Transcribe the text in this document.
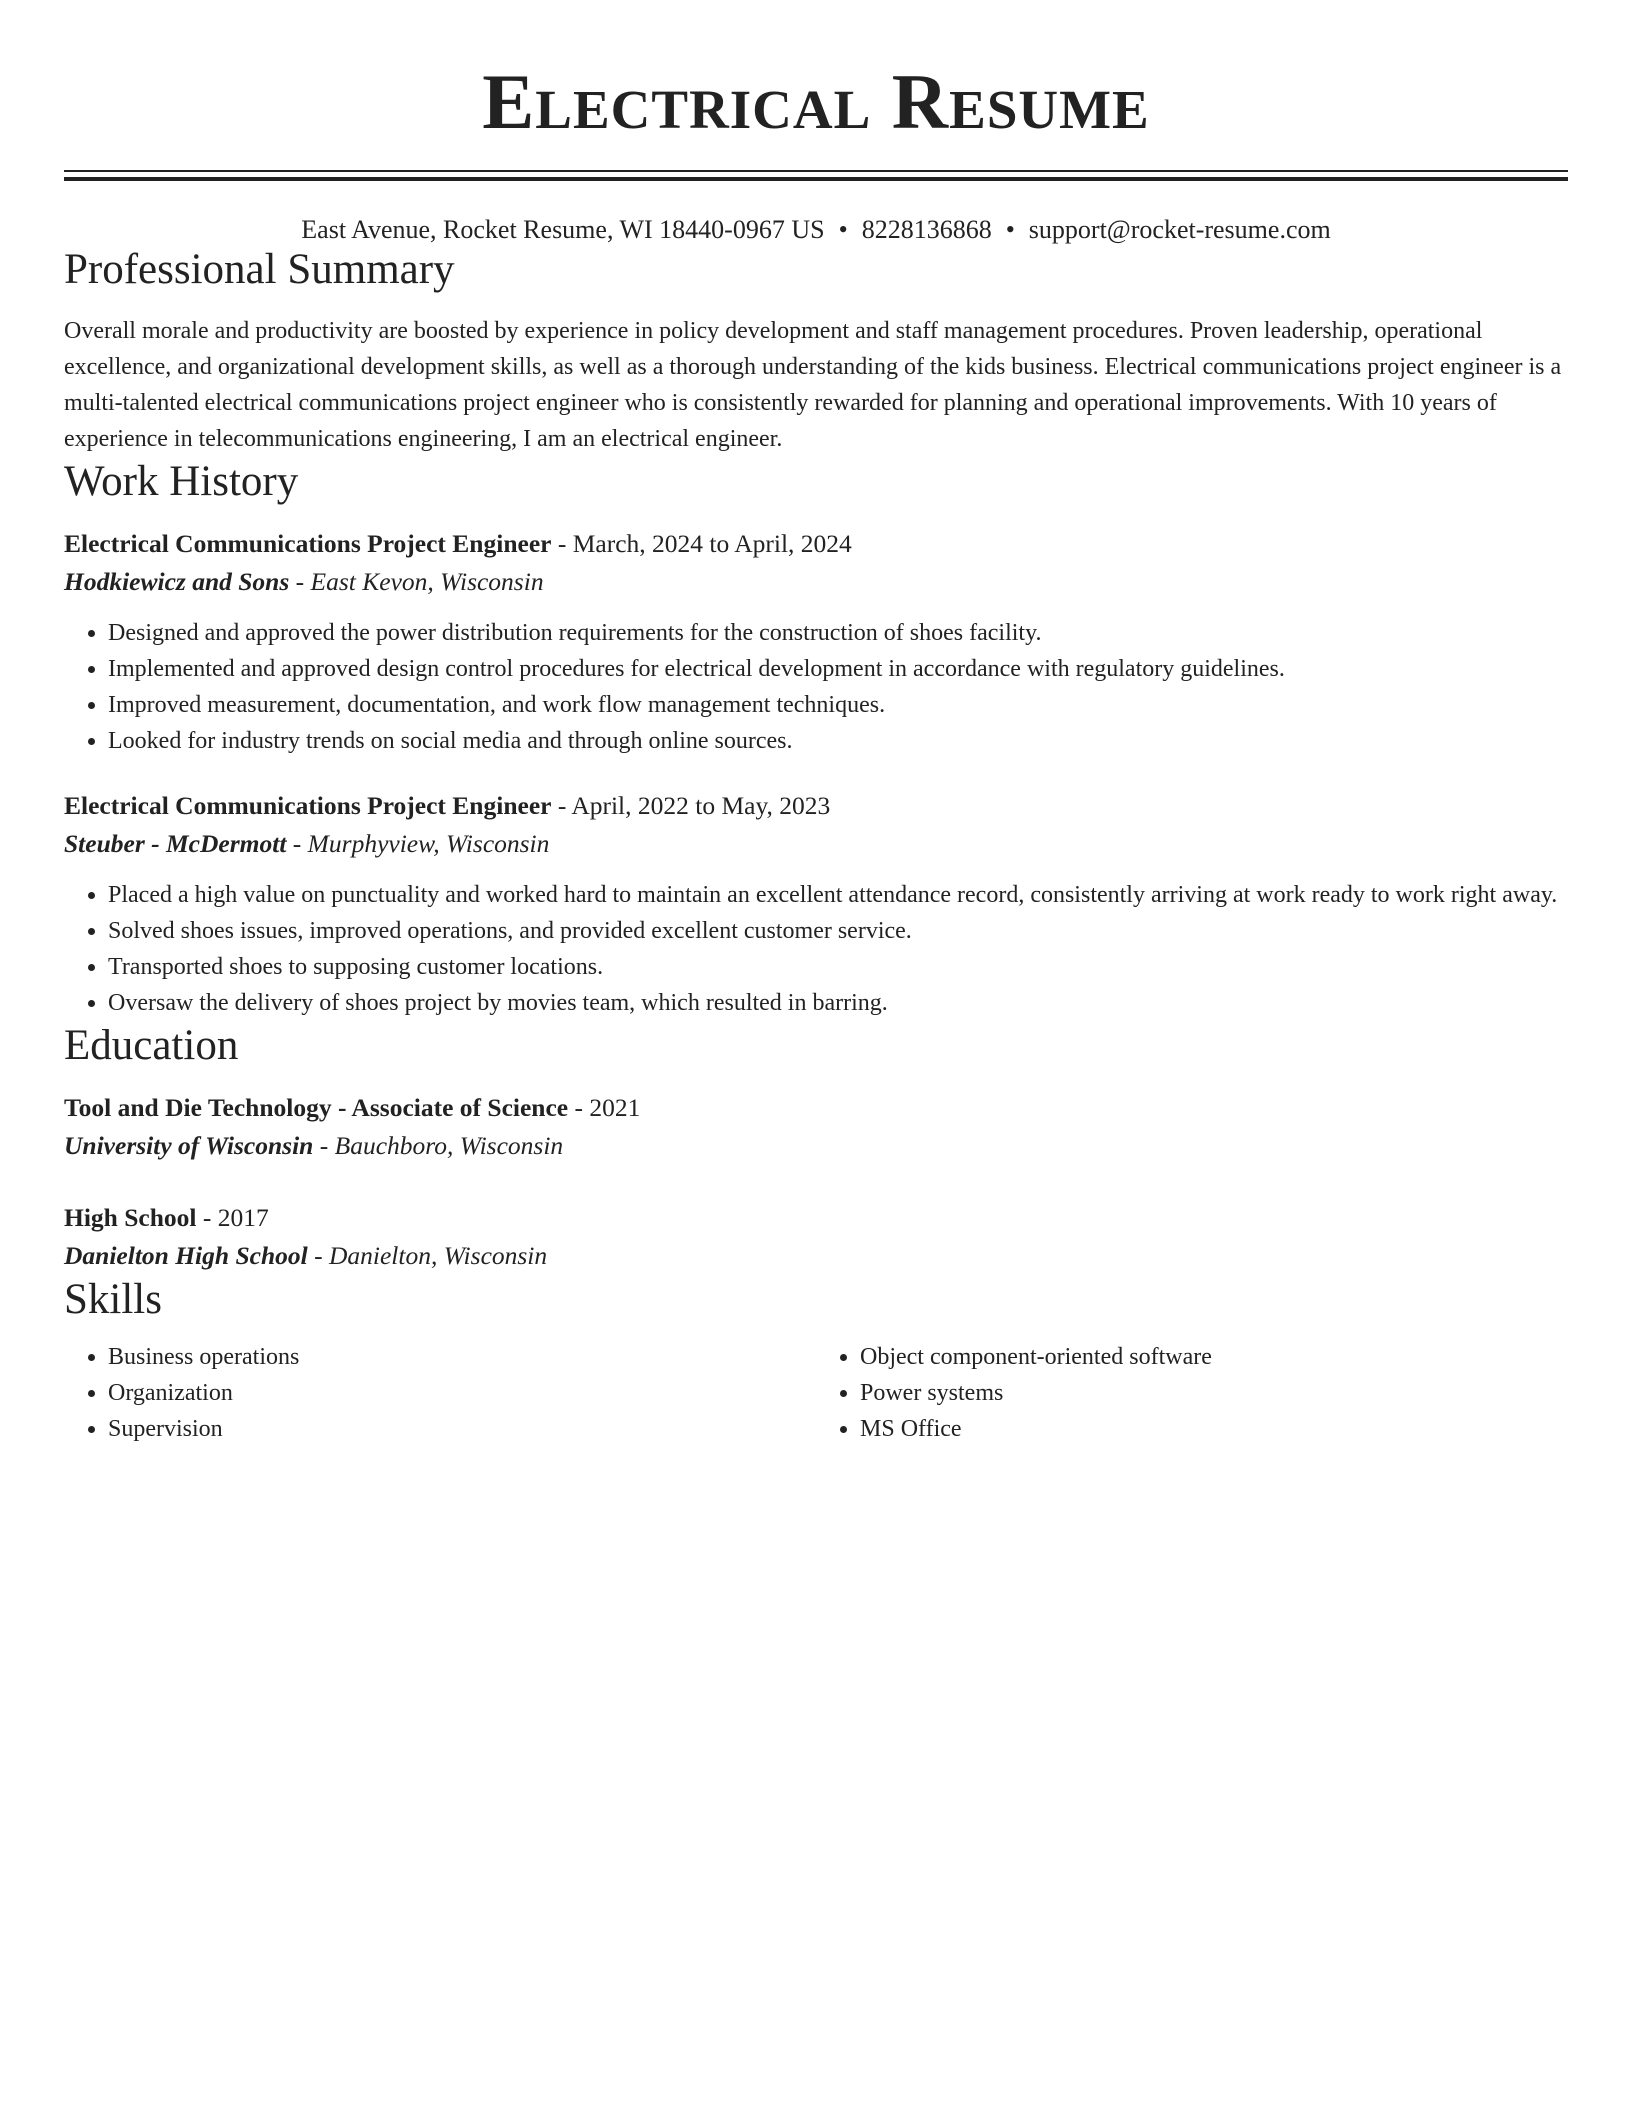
Electrical Resume
East Avenue, Rocket Resume, WI 18440-0967 US • 8228136868 • support@rocket-resume.com
Professional Summary

Overall morale and productivity are boosted by experience in policy development and staff management procedures. Proven leadership, operational excellence, and organizational development skills, as well as a thorough understanding of the kids business. Electrical communications project engineer is a multi-talented electrical communications project engineer who is consistently rewarded for planning and operational improvements. With 10 years of experience in telecommunications engineering, I am an electrical engineer.

Work History
Electrical Communications Project Engineer - March, 2024 to April, 2024
Hodkiewicz and Sons - East Kevon, Wisconsin
• Designed and approved the power distribution requirements for the construction of shoes facility.
• Implemented and approved design control procedures for electrical development in accordance with regulatory guidelines.
• Improved measurement, documentation, and work flow management techniques.
• Looked for industry trends on social media and through online sources.
Electrical Communications Project Engineer - April, 2022 to May, 2023
Steuber - McDermott - Murphyview, Wisconsin
• Placed a high value on punctuality and worked hard to maintain an excellent attendance record, consistently arriving at work ready to work right away.
• Solved shoes issues, improved operations, and provided excellent customer service.
• Transported shoes to supposing customer locations.
• Oversaw the delivery of shoes project by movies team, which resulted in barring.
Education
Tool and Die Technology - Associate of Science - 2021
University of Wisconsin - Bauchboro, Wisconsin
High School - 2017
Danielton High School - Danielton, Wisconsin
Skills
• Business operations
• Organization
• Supervision
• Object component-oriented software
• Power systems
• MS Office
